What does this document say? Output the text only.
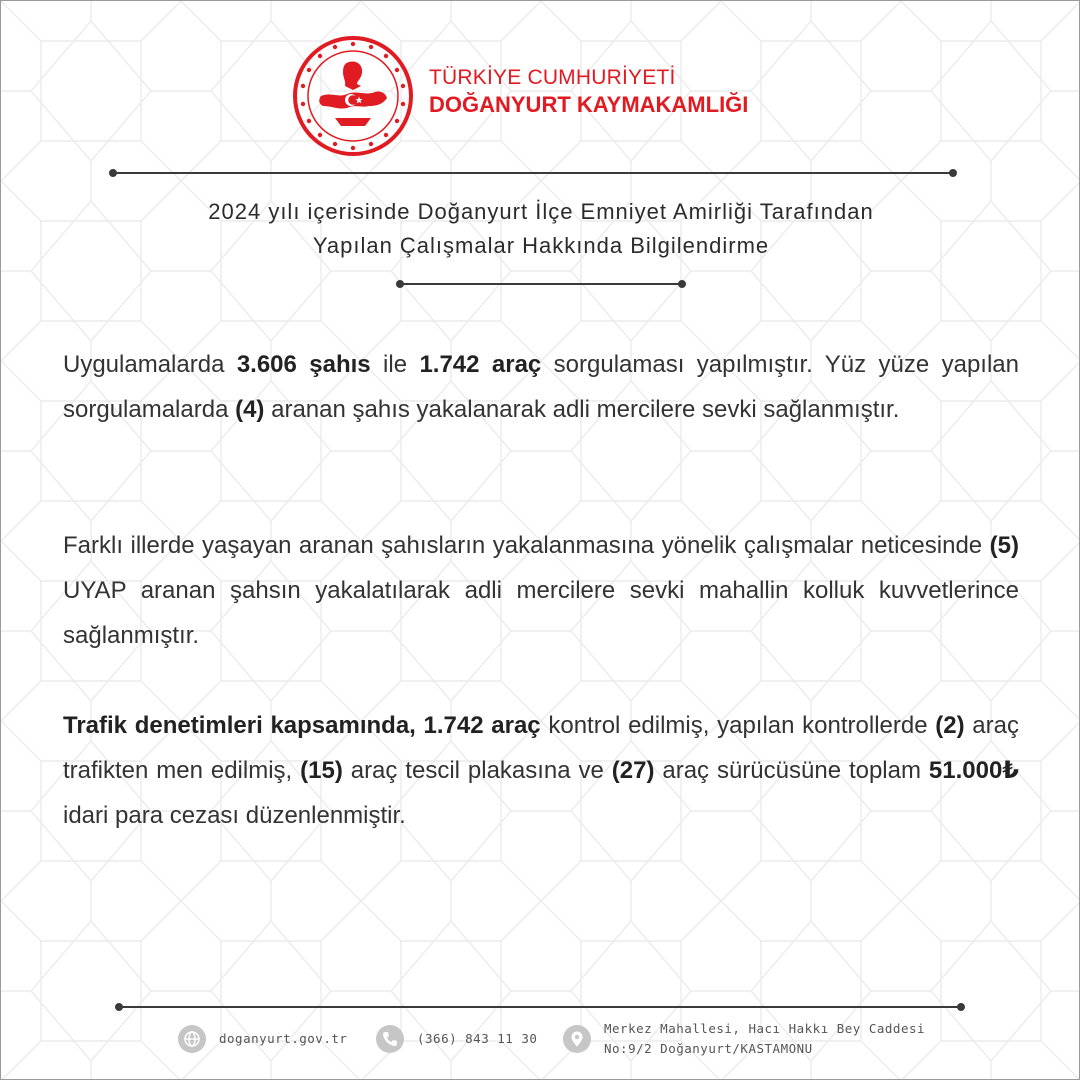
TÜRKİYE CUMHURİYETİ
DOĞANYURT KAYMAKAMLIĞI
2024 yılı içerisinde Doğanyurt İlçe Emniyet Amirliği Tarafından
Yapılan Çalışmalar Hakkında Bilgilendirme

Uygulamalarda 3.606 şahıs ile 1.742 araç sorgulaması yapılmıştır. Yüz yüze yapılan sorgulamalarda (4) aranan şahıs yakalanarak adli mercilere sevki sağlanmıştır.

Farklı illerde yaşayan aranan şahısların yakalanmasına yönelik çalışmalar neticesinde (5) UYAP aranan şahsın yakalatılarak adli mercilere sevki mahallin kolluk kuvvetlerince sağlanmıştır.

Trafik denetimleri kapsamında, 1.742 araç kontrol edilmiş, yapılan kontrollerde (2) araç trafikten men edilmiş, (15) araç tescil plakasına ve (27) araç sürücüsüne toplam 51.000₺ idari para cezası düzenlenmiştir.

doganyurt.gov.tr	(366) 843 11 30
Merkez Mahallesi, Hacı Hakkı Bey Caddesi
No:9/2 Doğanyurt/KASTAMONU
